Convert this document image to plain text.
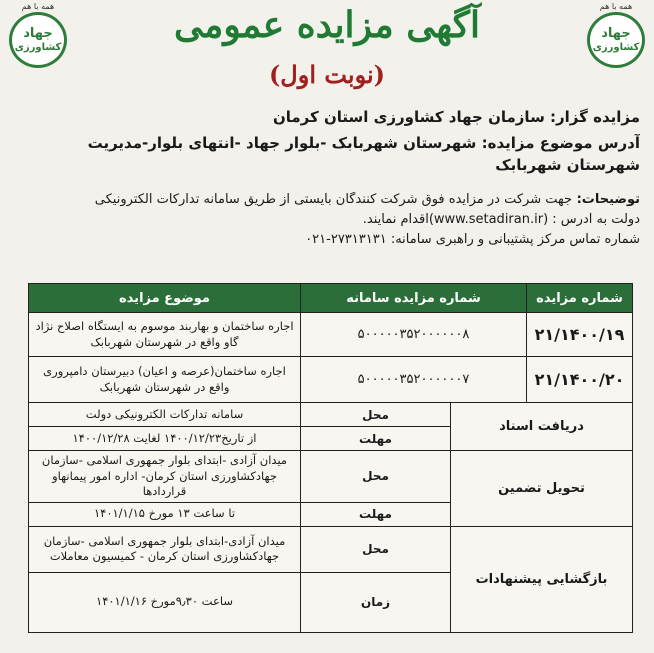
همه با هم
جهاد
کشاورزی
همه با هم
جهاد
کشاورزی
آگهی مزایده عمومی
(نوبت اول)

مزایده گزار: سازمان جهاد کشاورزی استان کرمان

آدرس موضوع مزایده: شهرستان شهربابک -بلوار جهاد -انتهای بلوار-مدیریت

شهرستان شهربابک

توضیحات: جهت شرکت در مزایده فوق شرکت کنندگان بایستی از طریق سامانه تدارکات الکترونیکی

دولت به آدرس : (www.setadiran.ir)اقدام نمایند.

شماره تماس مرکز پشتیبانی و راهبری سامانه: ۲۷۳۱۳۱۳۱-۰۲۱

شماره مزایده	شماره مزایده سامانه		موضوع مزایده
۲۱/۱۴۰۰/۱۹	۵۰۰۰۰۰۳۵۲۰۰۰۰۰۰۸		اجاره ساختمان و بهاربند موسوم به ایستگاه اصلاح نژاد گاو واقع در شهرستان شهربابک
۲۱/۱۴۰۰/۲۰	۵۰۰۰۰۰۳۵۲۰۰۰۰۰۰۷		اجاره ساختمان(عرصه و اعیان) دبیرستان دامپروری واقع در شهرستان شهربابک
دریافت اسناد		محل	سامانه تدارکات الکترونیکی دولت
		مهلت	از تاریخ۱۴۰۰/۱۲/۲۳ لغایت ۱۴۰۰/۱۲/۲۸
تحویل تضمین		محل	میدان آزادی -ابتدای بلوار جمهوری اسلامی -سازمان جهادکشاورزی استان کرمان- اداره امور پیمانهاو قراردادها
		مهلت	تا ساعت ۱۳ مورخ ۱۴۰۱/۱/۱۵
بازگشایی پیشنهادات		محل	میدان آزادی-ابتدای بلوار جمهوری اسلامی -سازمان جهادکشاورزی استان کرمان - کمیسیون معاملات
		زمان	ساعت ۹٫۳۰مورخ ۱۴۰۱/۱/۱۶
